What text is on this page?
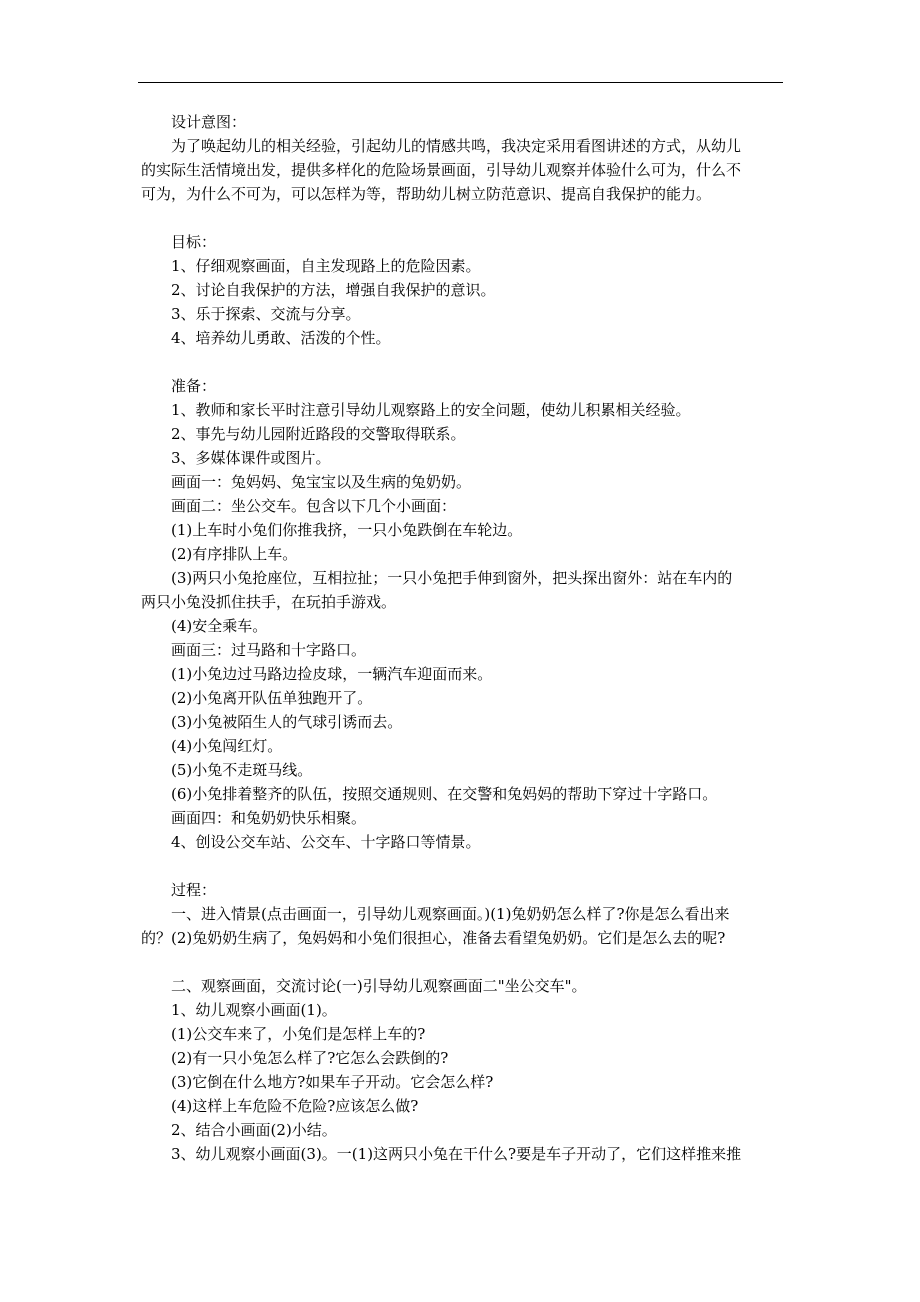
设计意图：
为了唤起幼儿的相关经验，引起幼儿的情感共鸣，我决定采用看图讲述的方式，从幼儿
的实际生活情境出发，提供多样化的危险场景画面，引导幼儿观察并体验什么可为，什么不
可为，为什么不可为，可以怎样为等，帮助幼儿树立防范意识、提高自我保护的能力。
目标：
1、仔细观察画面，自主发现路上的危险因素。
2、讨论自我保护的方法，增强自我保护的意识。
3、乐于探索、交流与分享。
4、培养幼儿勇敢、活泼的个性。
准备：
1、教师和家长平时注意引导幼儿观察路上的安全问题，使幼儿积累相关经验。
2、事先与幼儿园附近路段的交警取得联系。
3、多媒体课件或图片。
画面一：兔妈妈、兔宝宝以及生病的兔奶奶。
画面二：坐公交车。包含以下几个小画面：
(1)上车时小兔们你推我挤，一只小兔跌倒在车轮边。
(2)有序排队上车。
(3)两只小兔抢座位，互相拉扯；一只小兔把手伸到窗外，把头探出窗外：站在车内的
两只小兔没抓住扶手，在玩拍手游戏。
(4)安全乘车。
画面三：过马路和十字路口。
(1)小兔边过马路边捡皮球，一辆汽车迎面而来。
(2)小兔离开队伍单独跑开了。
(3)小兔被陌生人的气球引诱而去。
(4)小兔闯红灯。
(5)小兔不走斑马线。
(6)小兔排着整齐的队伍，按照交通规则、在交警和兔妈妈的帮助下穿过十字路口。
画面四：和兔奶奶快乐相聚。
4、创设公交车站、公交车、十字路口等情景。
过程：
一、进入情景(点击画面一，引导幼儿观察画面。)(1)兔奶奶怎么样了?你是怎么看出来
的？(2)兔奶奶生病了，兔妈妈和小兔们很担心，准备去看望兔奶奶。它们是怎么去的呢?
二、观察画面，交流讨论(一)引导幼儿观察画面二"坐公交车"。
1、幼儿观察小画面(1)。
(1)公交车来了，小兔们是怎样上车的?
(2)有一只小兔怎么样了?它怎么会跌倒的?
(3)它倒在什么地方?如果车子开动。它会怎么样?
(4)这样上车危险不危险?应该怎么做?
2、结合小画面(2)小结。
3、幼儿观察小画面(3)。一(1)这两只小兔在干什么?要是车子开动了，它们这样推来推
